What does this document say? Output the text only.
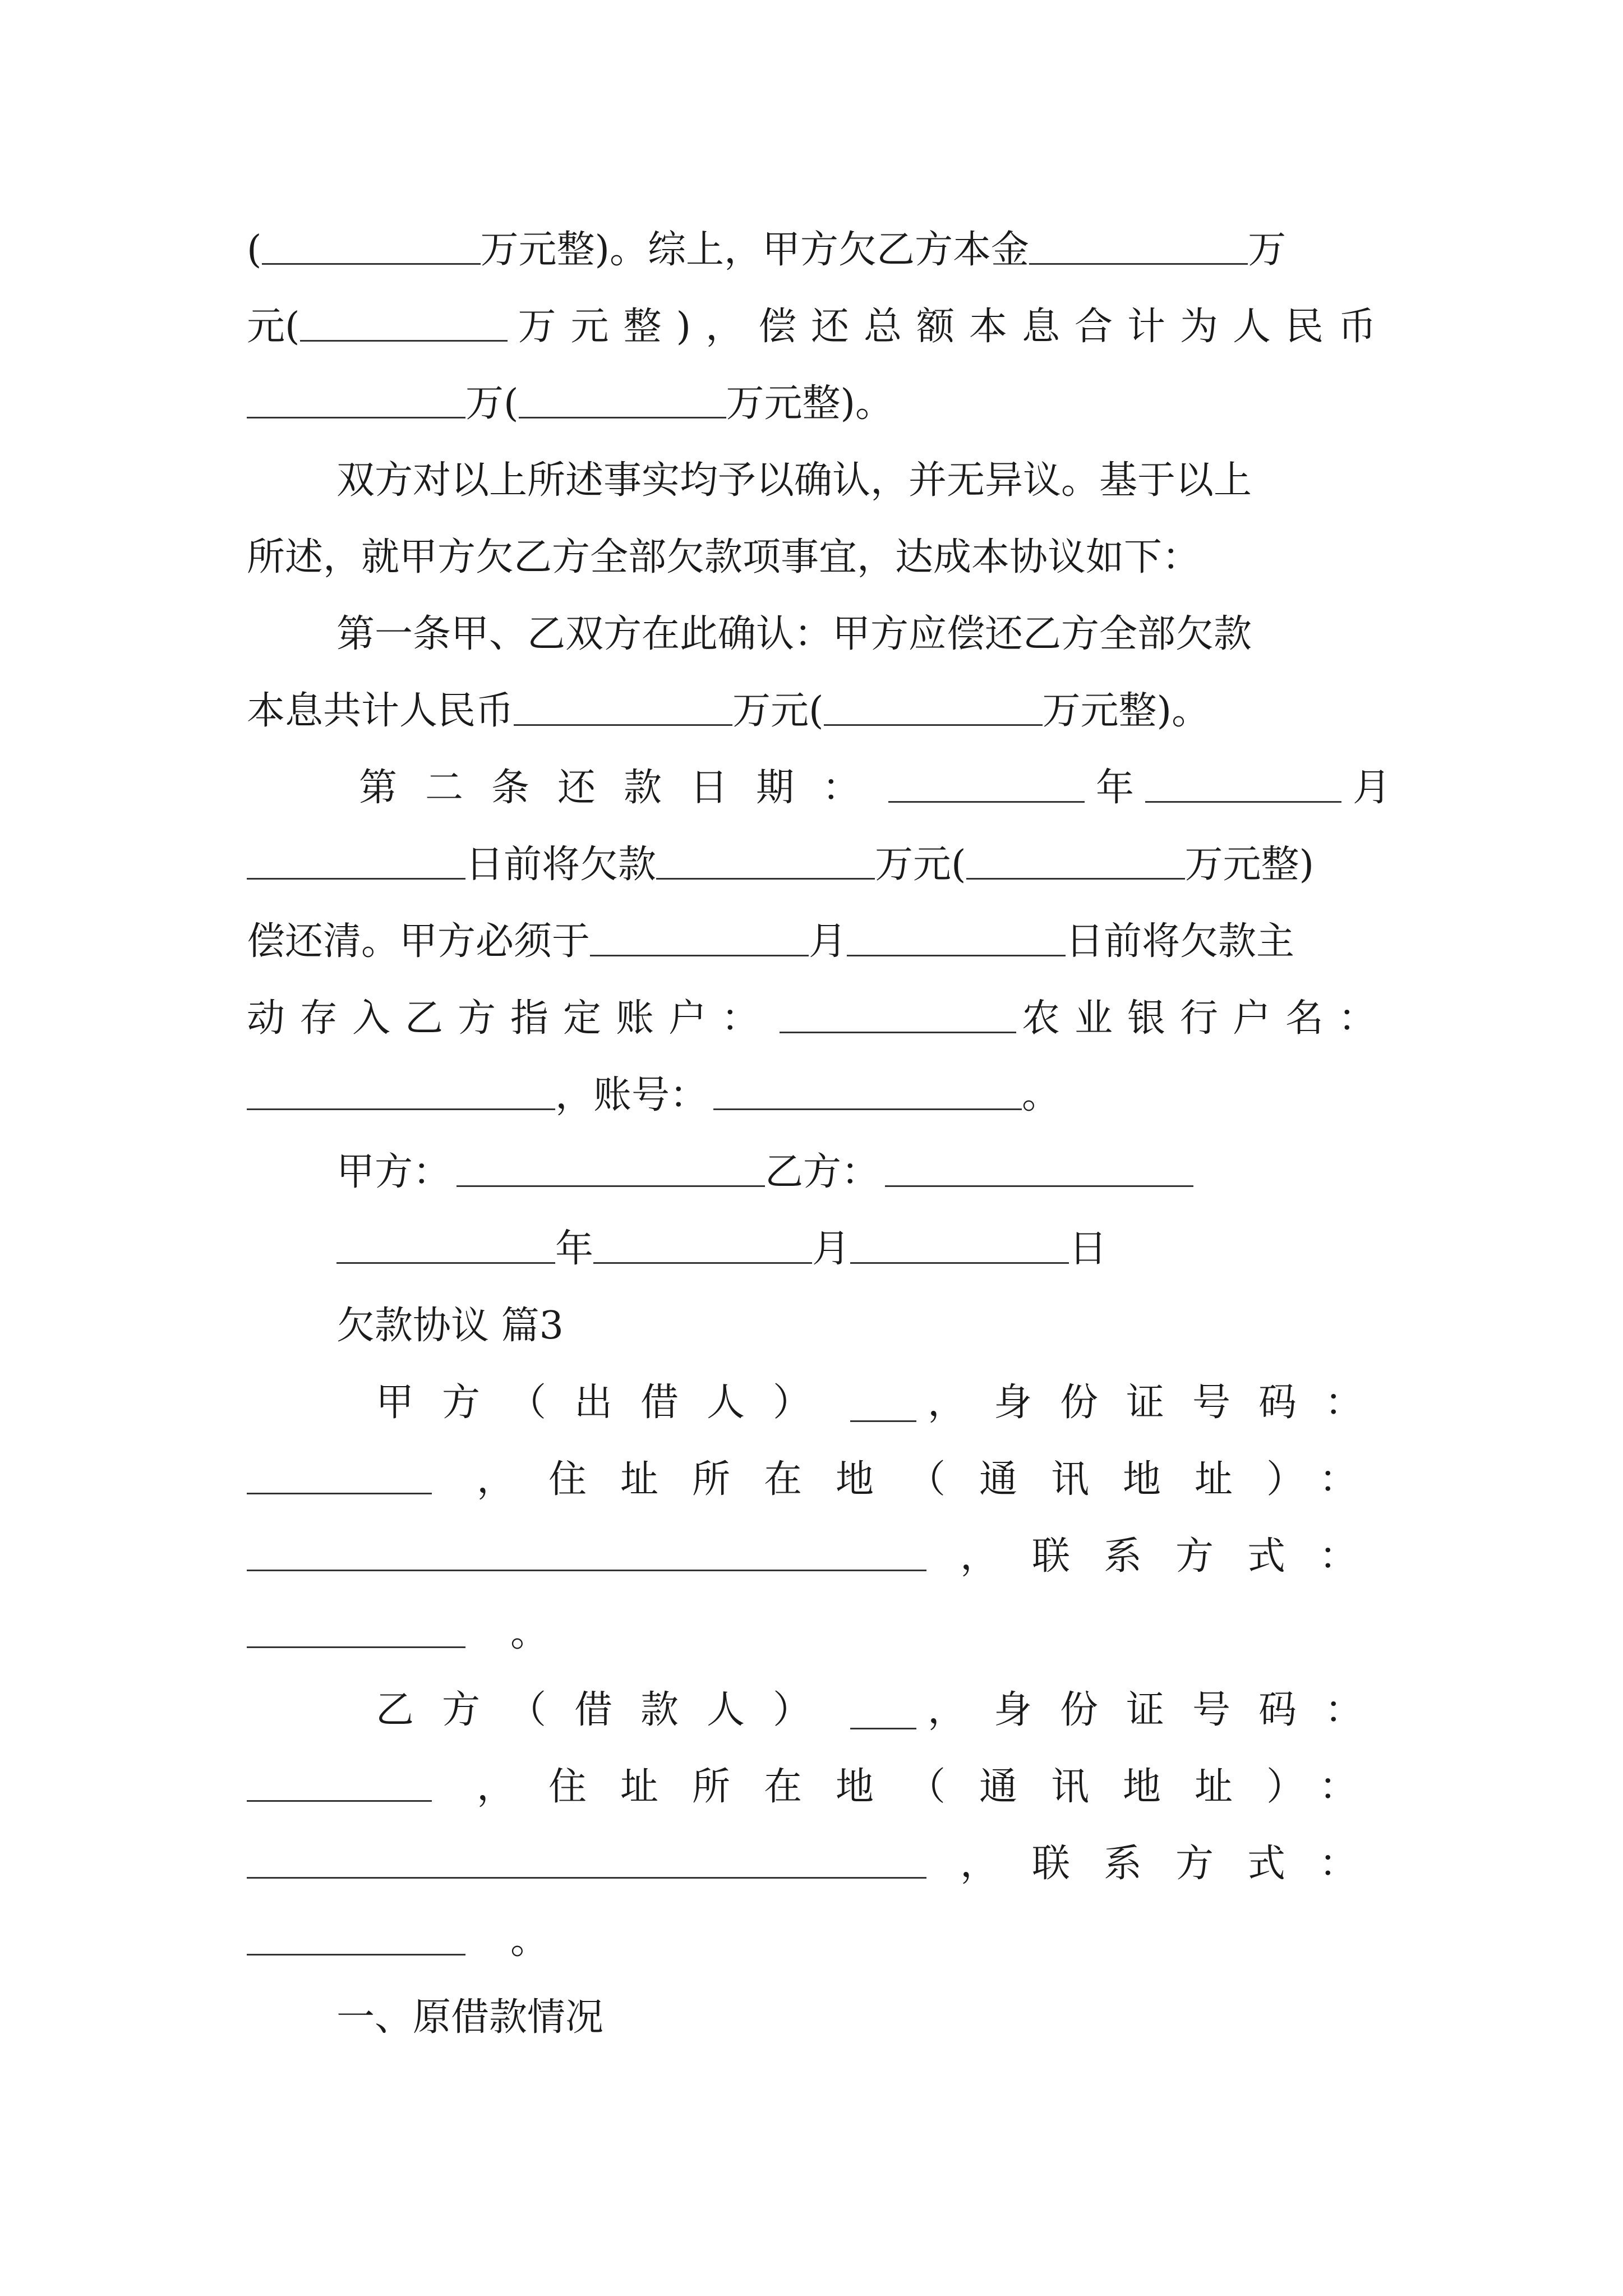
(	万元整)。综上，甲方欠乙方本金	万
元(	万元整)，偿还总额本息合计为人民币
万(	万元整)。
双方对以上所述事实均予以确认，并无异议。基于以上
所述，就甲方欠乙方全部欠款项事宜，达成本协议如下：
第一条甲、乙双方在此确认：甲方应偿还乙方全部欠款
本息共计人民币	万元(	万元整)。
第二条还款日期：	年	月
日前将欠款	万元(	万元整)
偿还清。甲方必须于	月	日前将欠款主
动存入乙方指定账户：	农业银行户名：
，账号：	。
甲方：	乙方：
年	月	日
欠款协议 篇3
甲方（出借人） ，身份证号码：
，住址所在地（通讯地址）：
，联系方式：
。
乙方（借款人） ，身份证号码：
，住址所在地（通讯地址）：
，联系方式：
。
一、原借款情况
